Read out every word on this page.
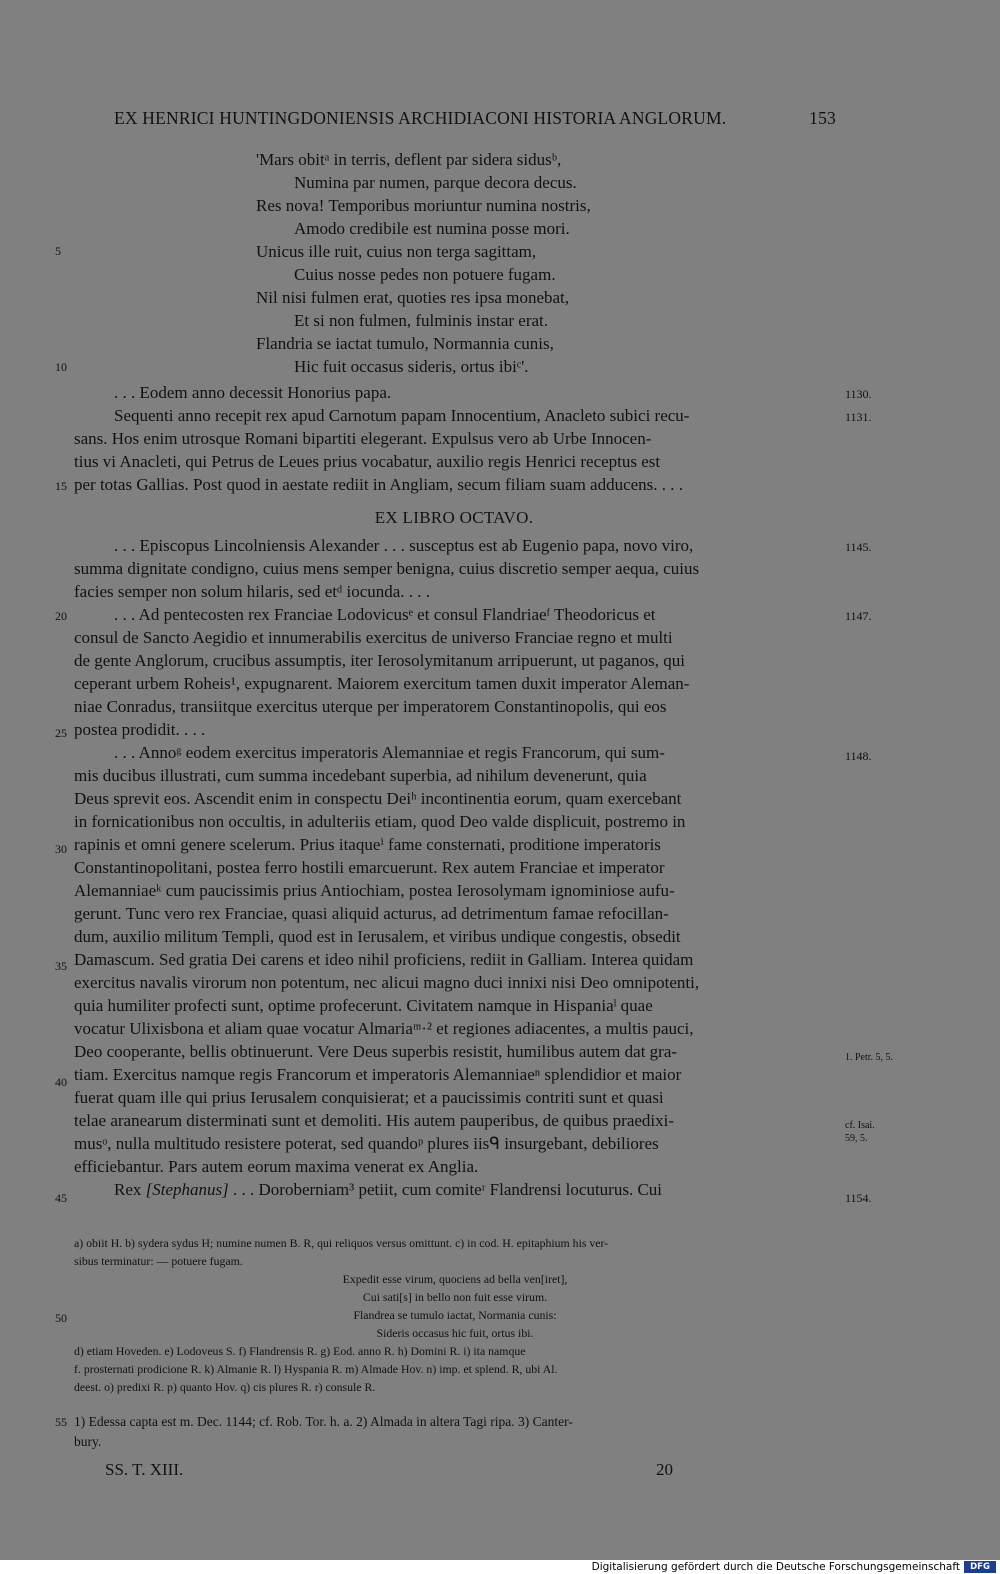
EX HENRICI HUNTINGDONIENSIS ARCHIDIACONI HISTORIA ANGLORUM.	153
'Mars obitᵃ in terris, deflent par sidera sidusᵇ,
Numina par numen, parque decora decus.
Res nova! Temporibus moriuntur numina nostris,
Amodo credibile est numina posse mori.
Unicus ille ruit, cuius non terga sagittam,
Cuius nosse pedes non potuere fugam.
Nil nisi fulmen erat, quoties res ipsa monebat,
Et si non fulmen, fulminis instar erat.
Flandria se iactat tumulo, Normannia cunis,
Hic fuit occasus sideris, ortus ibiᶜ'.
5
10
15
20
25
30
35
40
45
50
55
1130.
1131.
1145.
1147.
1148.
1. Petr. 5, 5.
cf. Isai.
59, 5.
1154.

. . . Eodem anno decessit Honorius papa.

Sequenti anno recepit rex apud Carnotum papam Innocentium, Anacleto subici recu-

sans. Hos enim utrosque Romani bipartiti elegerant. Expulsus vero ab Urbe Innocen-

tius vi Anacleti, qui Petrus de Leues prius vocabatur, auxilio regis Henrici receptus est

per totas Gallias. Post quod in aestate rediit in Angliam, secum filiam suam adducens. . . .

EX LIBRO OCTAVO.

. . . Episcopus Lincolniensis Alexander . . . susceptus est ab Eugenio papa, novo viro,

summa dignitate condigno, cuius mens semper benigna, cuius discretio semper aequa, cuius

facies semper non solum hilaris, sed etᵈ iocunda. . . .

. . . Ad pentecosten rex Franciae Lodovicusᵉ et consul Flandriaeᶠ Theodoricus et

consul de Sancto Aegidio et innumerabilis exercitus de universo Franciae regno et multi

de gente Anglorum, crucibus assumptis, iter Ierosolymitanum arripuerunt, ut paganos, qui

ceperant urbem Roheis¹, expugnarent. Maiorem exercitum tamen duxit imperator Aleman-

niae Conradus, transiitque exercitus uterque per imperatorem Constantinopolis, qui eos

postea prodidit. . . .

. . . Annoᵍ eodem exercitus imperatoris Alemanniae et regis Francorum, qui sum-

mis ducibus illustrati, cum summa incedebant superbia, ad nihilum devenerunt, quia

Deus sprevit eos. Ascendit enim in conspectu Deiʰ incontinentia eorum, quam exercebant

in fornicationibus non occultis, in adulteriis etiam, quod Deo valde displicuit, postremo in

rapinis et omni genere scelerum. Prius itaqueⁱ fame consternati, proditione imperatoris

Constantinopolitani, postea ferro hostili emarcuerunt. Rex autem Franciae et imperator

Alemanniaeᵏ cum paucissimis prius Antiochiam, postea Ierosolymam ignominiose aufu-

gerunt. Tunc vero rex Franciae, quasi aliquid acturus, ad detrimentum famae refocillan-

dum, auxilio militum Templi, quod est in Ierusalem, et viribus undique congestis, obsedit

Damascum. Sed gratia Dei carens et ideo nihil proficiens, rediit in Galliam. Interea quidam

exercitus navalis virorum non potentum, nec alicui magno duci innixi nisi Deo omnipotenti,

quia humiliter profecti sunt, optime profecerunt. Civitatem namque in Hispaniaˡ quae

vocatur Ulixisbona et aliam quae vocatur Almariaᵐ·² et regiones adiacentes, a multis pauci,

Deo cooperante, bellis obtinuerunt. Vere Deus superbis resistit, humilibus autem dat gra-

tiam. Exercitus namque regis Francorum et imperatoris Alemanniaeⁿ splendidior et maior

fuerat quam ille qui prius Ierusalem conquisierat; et a paucissimis contriti sunt et quasi

telae aranearum disterminati sunt et demoliti. His autem pauperibus, de quibus praedixi-

musᵒ, nulla multitudo resistere poterat, sed quandoᵖ plures iisᑫ insurgebant, debiliores

efficiebantur. Pars autem eorum maxima venerat ex Anglia.

Rex [Stephanus] . . . Doroberniam³ petiit, cum comiteʳ Flandrensi locuturus. Cui

a) obiit H. b) sydera sydus H; numine numen B. R, qui reliquos versus omittunt. c) in cod. H. epitaphium his ver-
sibus terminatur: — potuere fugam.
Expedit esse virum, quociens ad bella ven[iret],
Cui sati[s] in bello non fuit esse virum.
Flandrea se tumulo iactat, Normania cunis:
Sideris occasus hic fuit, ortus ibi.
d) etiam Hoveden. e) Lodoveus S. f) Flandrensis R. g) Eod. anno R. h) Domini R. i) ita namque
f. prosternati prodicione R. k) Almanie R. l) Hyspania R. m) Almade Hov. n) imp. et splend. R, ubi Al.
deest. o) predixi R. p) quanto Hov. q) cis plures R. r) consule R.
1) Edessa capta est m. Dec. 1144; cf. Rob. Tor. h. a. 2) Almada in altera Tagi ripa. 3) Canter-
bury.
SS. T. XIII.	20
Digitalisierung gefördert durch die Deutsche Forschungsgemeinschaft	DFG
